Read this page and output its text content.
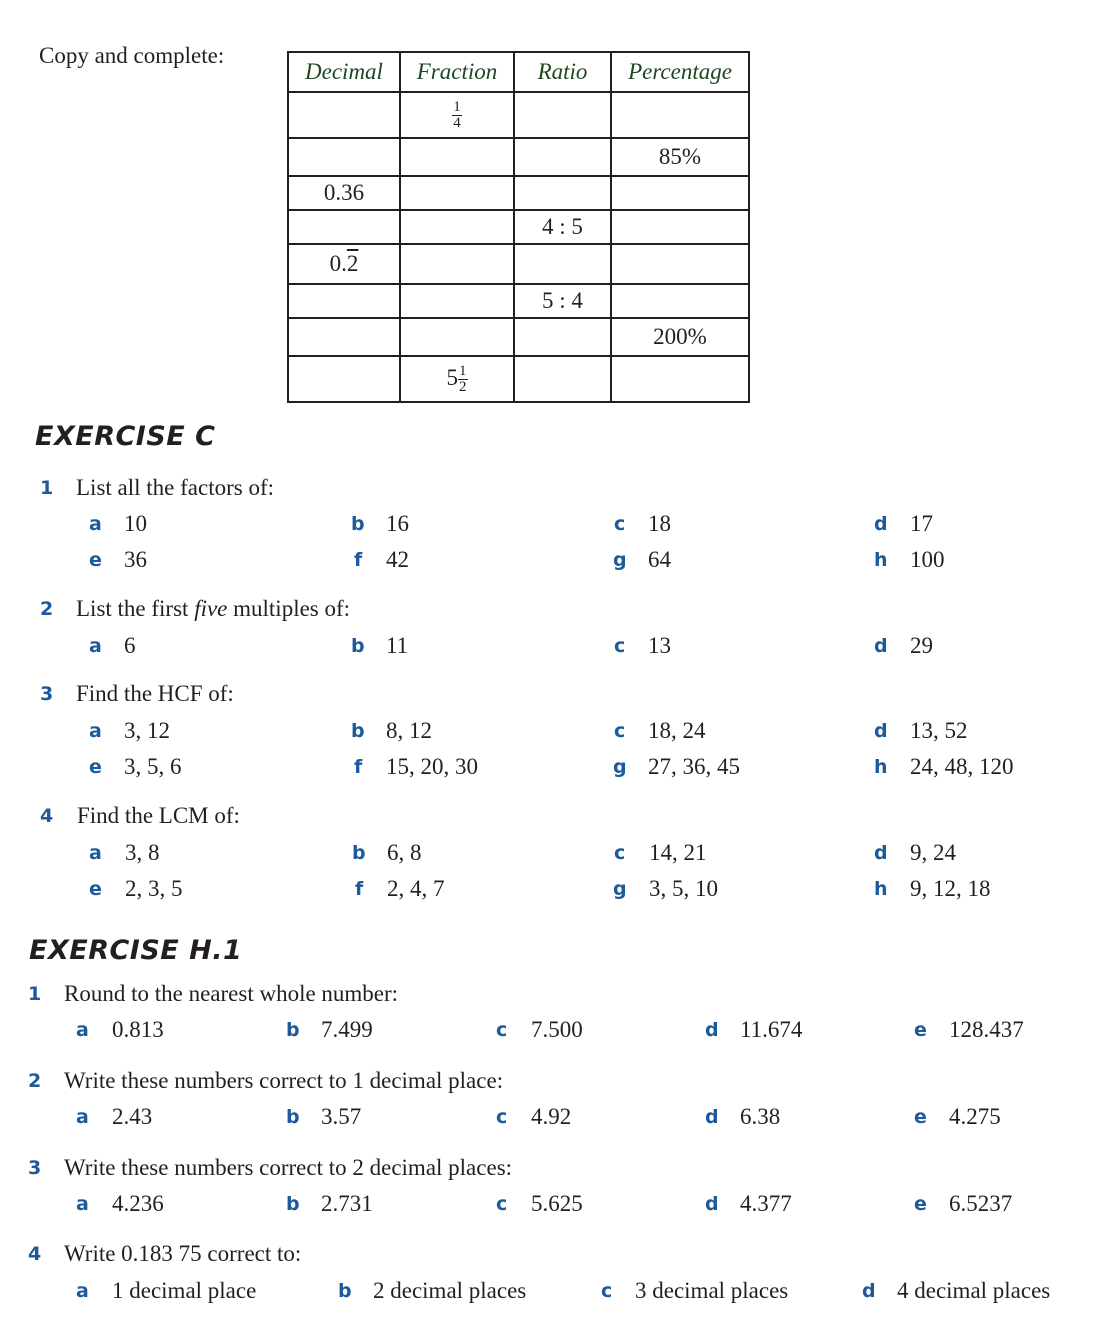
Copy and complete:
Decimal	Fraction	Ratio	Percentage

	$\frac{1}{4}$

			85%
0.36			
		4 : 5	
0.2			
		5 : 4	
			200%
	$5 \frac{1}{2}$

EXERCISE C
1 List all the factors of:
a 10	b 16	c 18	d 17
e 36	f 42	g 64	h 100
2 List the first five multiples of:
a 6	b 11	c 13	d 29
3 Find the HCF of:
a 3, 12	b 8, 12	c 18, 24	d 13, 52
e 3, 5, 6	f 15, 20, 30	g 27, 36, 45	h 24, 48, 120
4 Find the LCM of:
a 3, 8	b 6, 8	c 14, 21	d 9, 24
e 2, 3, 5	f 2, 4, 7	g 3, 5, 10	h 9, 12, 18
EXERCISE H.1
1 Round to the nearest whole number:
a 0.813	b 7.499	c 7.500	d 11.674	e 128.437
2 Write these numbers correct to 1 decimal place:
a 2.43	b 3.57	c 4.92	d 6.38	e 4.275
3 Write these numbers correct to 2 decimal places:
a 4.236	b 2.731	c 5.625	d 4.377	e 6.5237
4 Write 0.183 75 correct to:
a 1 decimal place	b 2 decimal places	c 3 decimal places	d 4 decimal places
